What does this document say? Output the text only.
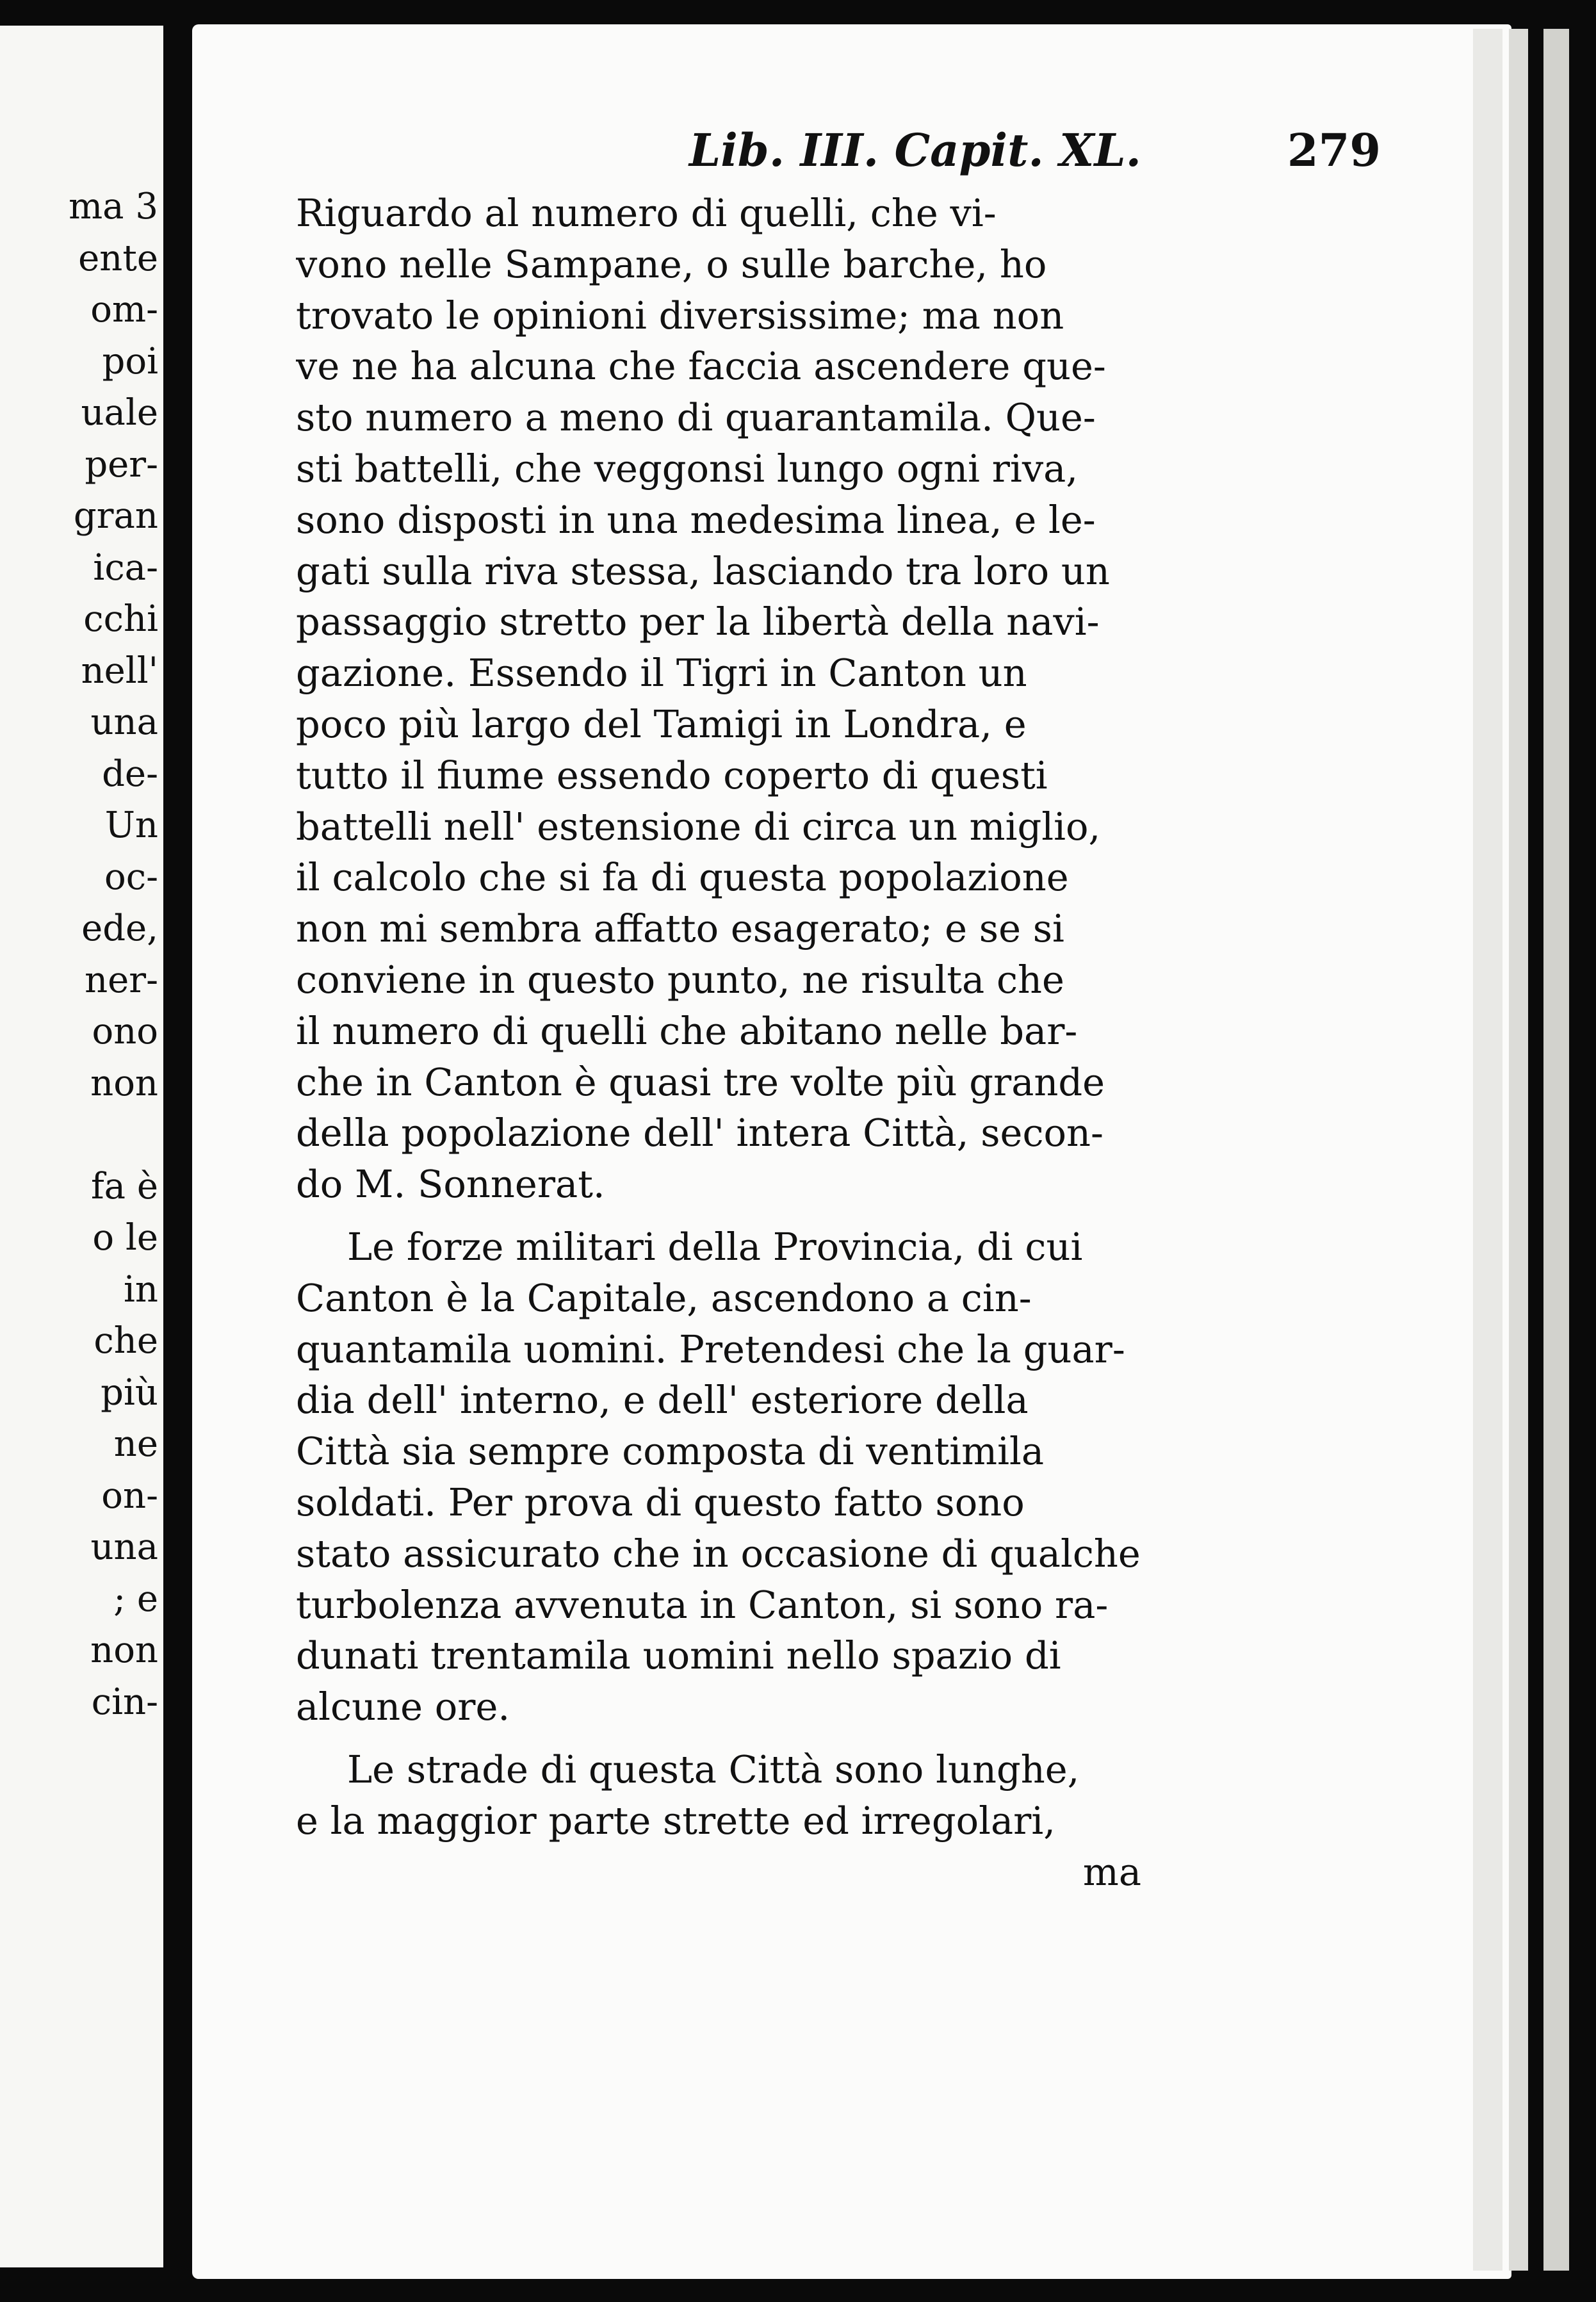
ma 3
ente
om-
poi
uale
per-
gran
ica-
cchi
nell'
una
de-
Un
oc-
ede,
ner-
ono
non
fa è
o le
in
che
più
ne
on-
una
; e
non
cin-
Lib. III. Capit. XL.	279
Riguardo al numero di quelli, che vi-
vono nelle Sampane, o sulle barche, ho
trovato le opinioni diversissime; ma non
ve ne ha alcuna che faccia ascendere que-
sto numero a meno di quarantamila. Que-
sti battelli, che veggonsi lungo ogni riva,
sono disposti in una medesima linea, e le-
gati sulla riva stessa, lasciando tra loro un
passaggio stretto per la libertà della navi-
gazione. Essendo il Tigri in Canton un
poco più largo del Tamigi in Londra, e
tutto il fiume essendo coperto di questi
battelli nell' estensione di circa un miglio,
il calcolo che si fa di questa popolazione
non mi sembra affatto esagerato; e se si
conviene in questo punto, ne risulta che
il numero di quelli che abitano nelle bar-
che in Canton è quasi tre volte più grande
della popolazione dell' intera Città, secon-
do M. Sonnerat.
Le forze militari della Provincia, di cui
Canton è la Capitale, ascendono a cin-
quantamila uomini. Pretendesi che la guar-
dia dell' interno, e dell' esteriore della
Città sia sempre composta di ventimila
soldati. Per prova di questo fatto sono
stato assicurato che in occasione di qualche
turbolenza avvenuta in Canton, si sono ra-
dunati trentamila uomini nello spazio di
alcune ore.
Le strade di questa Città sono lunghe,
e la maggior parte strette ed irregolari,
ma
